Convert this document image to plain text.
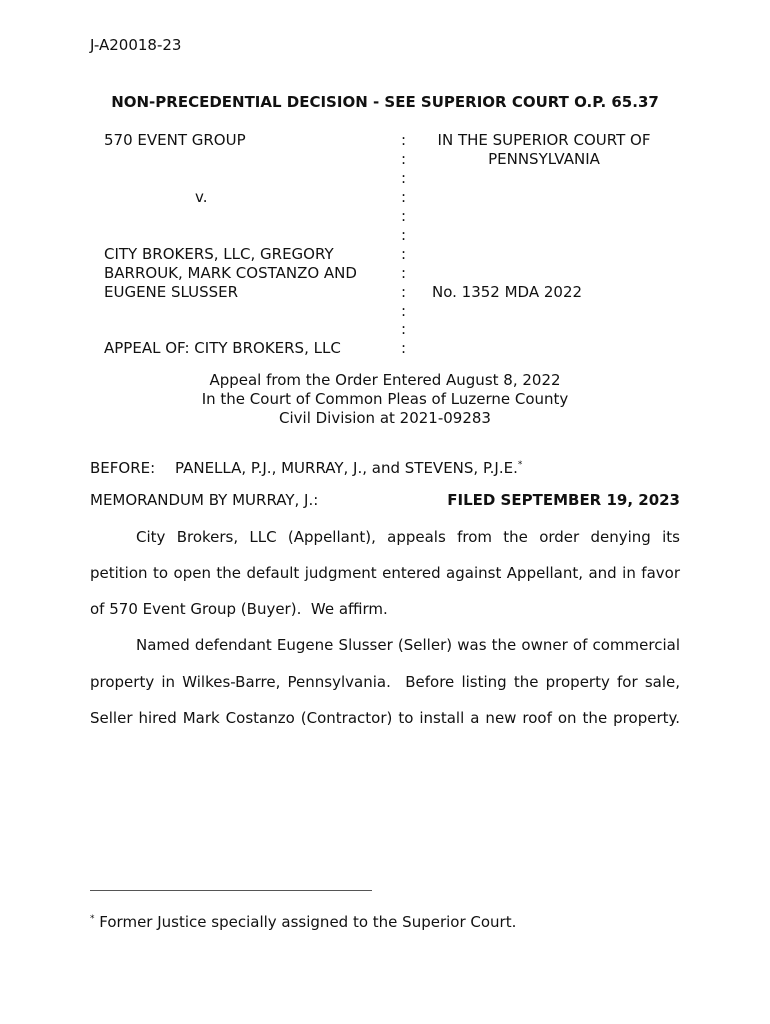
J-A20018-23
NON-PRECEDENTIAL DECISION - SEE SUPERIOR COURT O.P. 65.37
570 EVENT GROUP
v.
CITY BROKERS, LLC, GREGORY
BARROUK, MARK COSTANZO AND
EUGENE SLUSSER
APPEAL OF: CITY BROKERS, LLC
:
:
:
:
:
:
:
:
:
:
:
:
IN THE SUPERIOR COURT OF
PENNSYLVANIA
No. 1352 MDA 2022
Appeal from the Order Entered August 8, 2022
In the Court of Common Pleas of Luzerne County
Civil Division at 2021-09283
BEFORE: PANELLA, P.J., MURRAY, J., and STEVENS, P.J.E.*
MEMORANDUM BY MURRAY, J.:	FILED SEPTEMBER 19, 2023
City Brokers, LLC (Appellant), appeals from the order denying its
petition to open the default judgment entered against Appellant, and in favor
of 570 Event Group (Buyer).  We affirm.
Named defendant Eugene Slusser (Seller) was the owner of commercial
property in Wilkes-Barre, Pennsylvania.  Before listing the property for sale,
Seller hired Mark Costanzo (Contractor) to install a new roof on the property.
* Former Justice specially assigned to the Superior Court.
